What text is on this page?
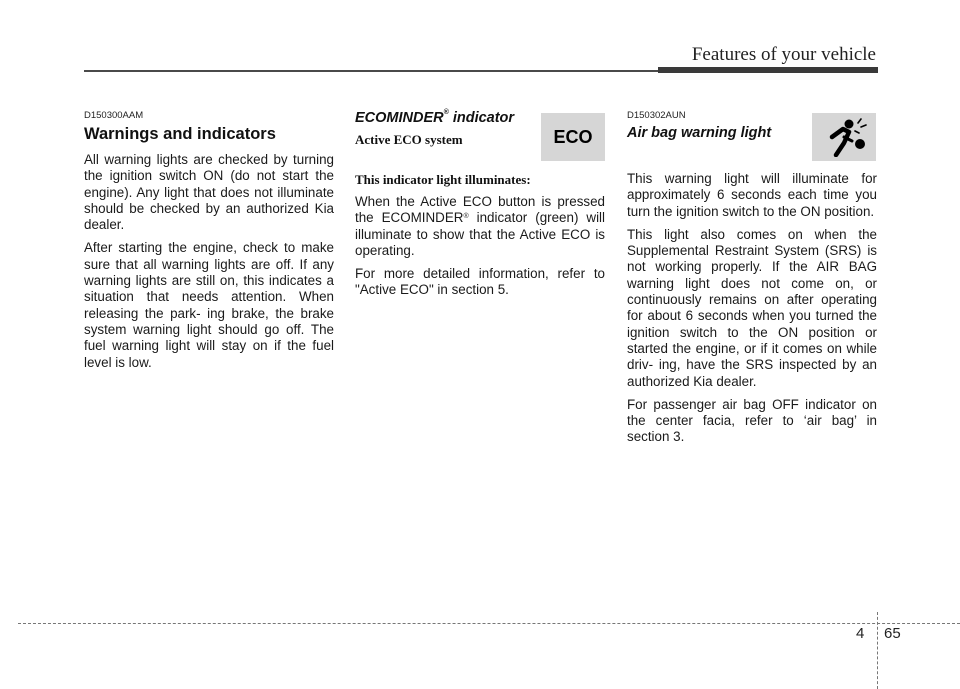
Features of your vehicle

D150300AAM

Warnings and indicators

All warning lights are checked by turning the ignition switch ON (do not start the engine). Any light that does not illuminate should be checked by an authorized Kia dealer.

After starting the engine, check to make sure that all warning lights are off. If any warning lights are still on, this indicates a situation that needs attention. When releasing the park- ing brake, the brake system warning light should go off. The fuel warning light will stay on if the fuel level is low.

ECOMINDER® indicator

Active ECO system

This indicator light illuminates:

When the Active ECO button is pressed the ECOMINDER® indicator (green) will illuminate to show that the Active ECO is operating.

For more detailed information, refer to "Active ECO" in section 5.

ECO

D150302AUN

Air bag warning light

This warning light will illuminate for approximately 6 seconds each time you turn the ignition switch to the ON position.

This light also comes on when the Supplemental Restraint System (SRS) is not working properly. If the AIR BAG warning light does not come on, or continuously remains on after operating for about 6 seconds when you turned the ignition switch to the ON position or started the engine, or if it comes on while driv- ing, have the SRS inspected by an authorized Kia dealer.

For passenger air bag OFF indicator on the center facia, refer to ‘air bag’ in section 3.

4 65
